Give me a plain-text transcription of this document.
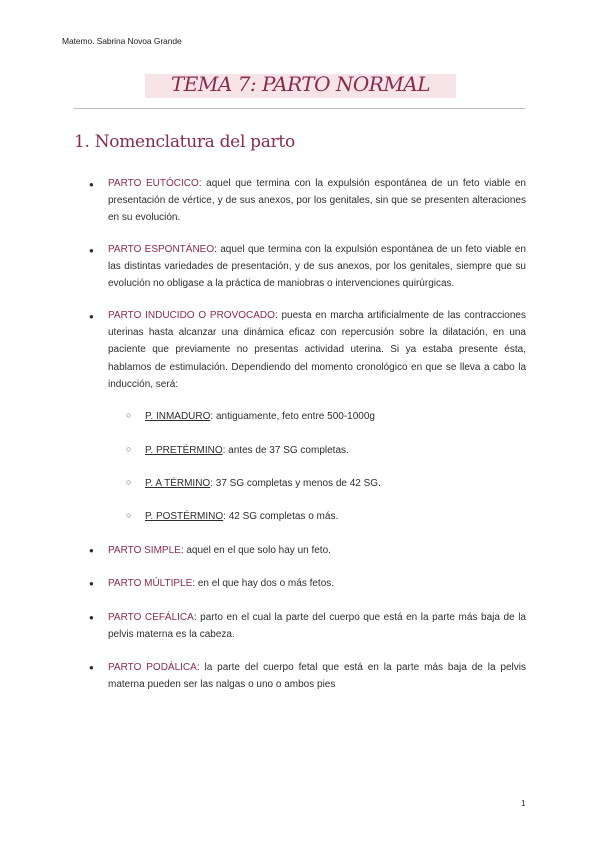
Matemo. Sabrina Novoa Grande
TEMA 7: PARTO NORMAL
1. Nomenclatura del parto
●	PARTO EUTÓCICO: aquel que termina con la expulsión espontánea de un feto viable en presentación de vértice, y de sus anexos, por los genitales, sin que se presenten alteraciones en su evolución.
●	PARTO ESPONTÁNEO: aquel que termina con la expulsión espontánea de un feto viable en las distintas variedades de presentación, y de sus anexos, por los genitales, siempre que su evolución no obligase a la práctica de maniobras o intervenciones quirúrgicas.
●	PARTO INDUCIDO O PROVOCADO: puesta en marcha artificialmente de las contracciones uterinas hasta alcanzar una dinámica eficaz con repercusión sobre la dilatación, en una paciente que previamente no presentas actividad uterina. Si ya estaba presente ésta, hablamos de estimulación. Dependiendo del momento cronológico en que se lleva a cabo la inducción, será:
○ P. INMADURO: antiguamente, feto entre 500-1000g
○ P. PRETÉRMINO: antes de 37 SG completas.
○ P. A TÉRMINO: 37 SG completas y menos de 42 SG.
○ P. POSTÉRMINO: 42 SG completas o más.
●	PARTO SIMPLE: aquel en el que solo hay un feto.
●	PARTO MÚLTIPLE: en el que hay dos o más fetos.
●	PARTO CEFÁLICA: parto en el cual la parte del cuerpo que está en la parte más baja de la pelvis materna es la cabeza.
●	PARTO PODÁLICA: la parte del cuerpo fetal que está en la parte más baja de la pelvis materna pueden ser las nalgas o uno o ambos pies
1
